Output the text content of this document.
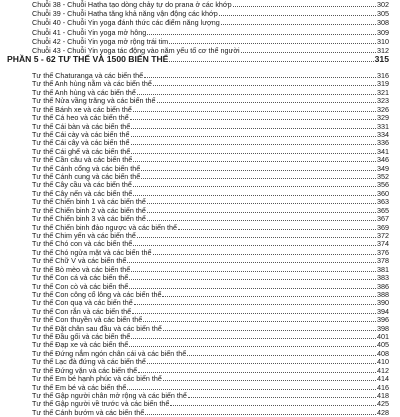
Chuỗi 38 - Chuỗi Hatha tạo dòng chảy tự do prana ở các khớp	302
Chuỗi 39 - Chuỗi Hatha tăng khả năng vận động các khớp	305
Chuỗi 40 - Chuỗi Yin yoga đánh thức các điểm năng lượng	308
Chuỗi 41 - Chuỗi Yin yoga mở hông	309
Chuỗi 42 - Chuỗi Yin yoga mở rộng trái tim	310
Chuỗi 43 - Chuỗi Yin yoga tác động vào năm yếu tố cơ thể người	312
PHẦN 5 - 62 TƯ THẾ VÀ 1500 BIẾN THỂ	315
Tư thế Chaturanga và các biến thể	316
Tư thế Anh hùng nằm và các biến thể	319
Tư thế Anh hùng và các biến thể	321
Tư thế Nửa vầng trăng và các biến thể	323
Tư thế Bánh xe và các biến thể	326
Tư thế Cá heo và các biến thể	329
Tư thế Cái bàn và các biến thể	331
Tư thế Cái cày và các biến thể	334
Tư thế Cái cây và các biến thể	336
Tư thế Cái ghế và các biến thể	341
Tư thế Cần câu và các biến thể	346
Tư thế Cánh cổng và các biến thể	349
Tư thế Cánh cung và các biến thể	352
Tư thế Cây cầu và các biến thể	356
Tư thế Cây nến và các biến thể	360
Tư thế Chiến binh 1 và các biến thể	363
Tư thế Chiến binh 2 và các biến thể	365
Tư thế Chiến binh 3 và các biến thể	367
Tư thế Chiến binh đảo ngược và các biến thể	369
Tư thế Chim yến và các biến thể	372
Tư thế Chó con và các biến thể	374
Tư thế Chó ngửa mặt và các biến thể	376
Tư thế Chữ V và các biến thể	378
Tư thế Bò mèo và các biến thể	381
Tư thế Con cá và các biến thể	383
Tư thế Con cò và các biến thể	386
Tư thế Con công cổ lông và các biến thể	388
Tư thế Con quạ và các biến thể	390
Tư thế Con rắn và các biến thể	394
Tư thế Con thuyền và các biến thể	396
Tư thế Đặt chân sau đầu và các biến thể	398
Tư thế Đầu gối và các biến thể	401
Tư thế Đạp xe và các biến thể	405
Tư thế Đứng nắm ngón chân cái và các biến thể	408
Tư thế Lạc đà đứng và các biến thể	410
Tư thế Đứng vặn và các biến thể	412
Tư thế Em bé hạnh phúc và các biến thể	414
Tư thế Em bé và các biến thể	416
Tư thế Gập người chân mở rộng và các biến thể	418
Tư thế Gập người về trước và các biến thể	425
Tư thế Cánh bướm và các biến thể	428
